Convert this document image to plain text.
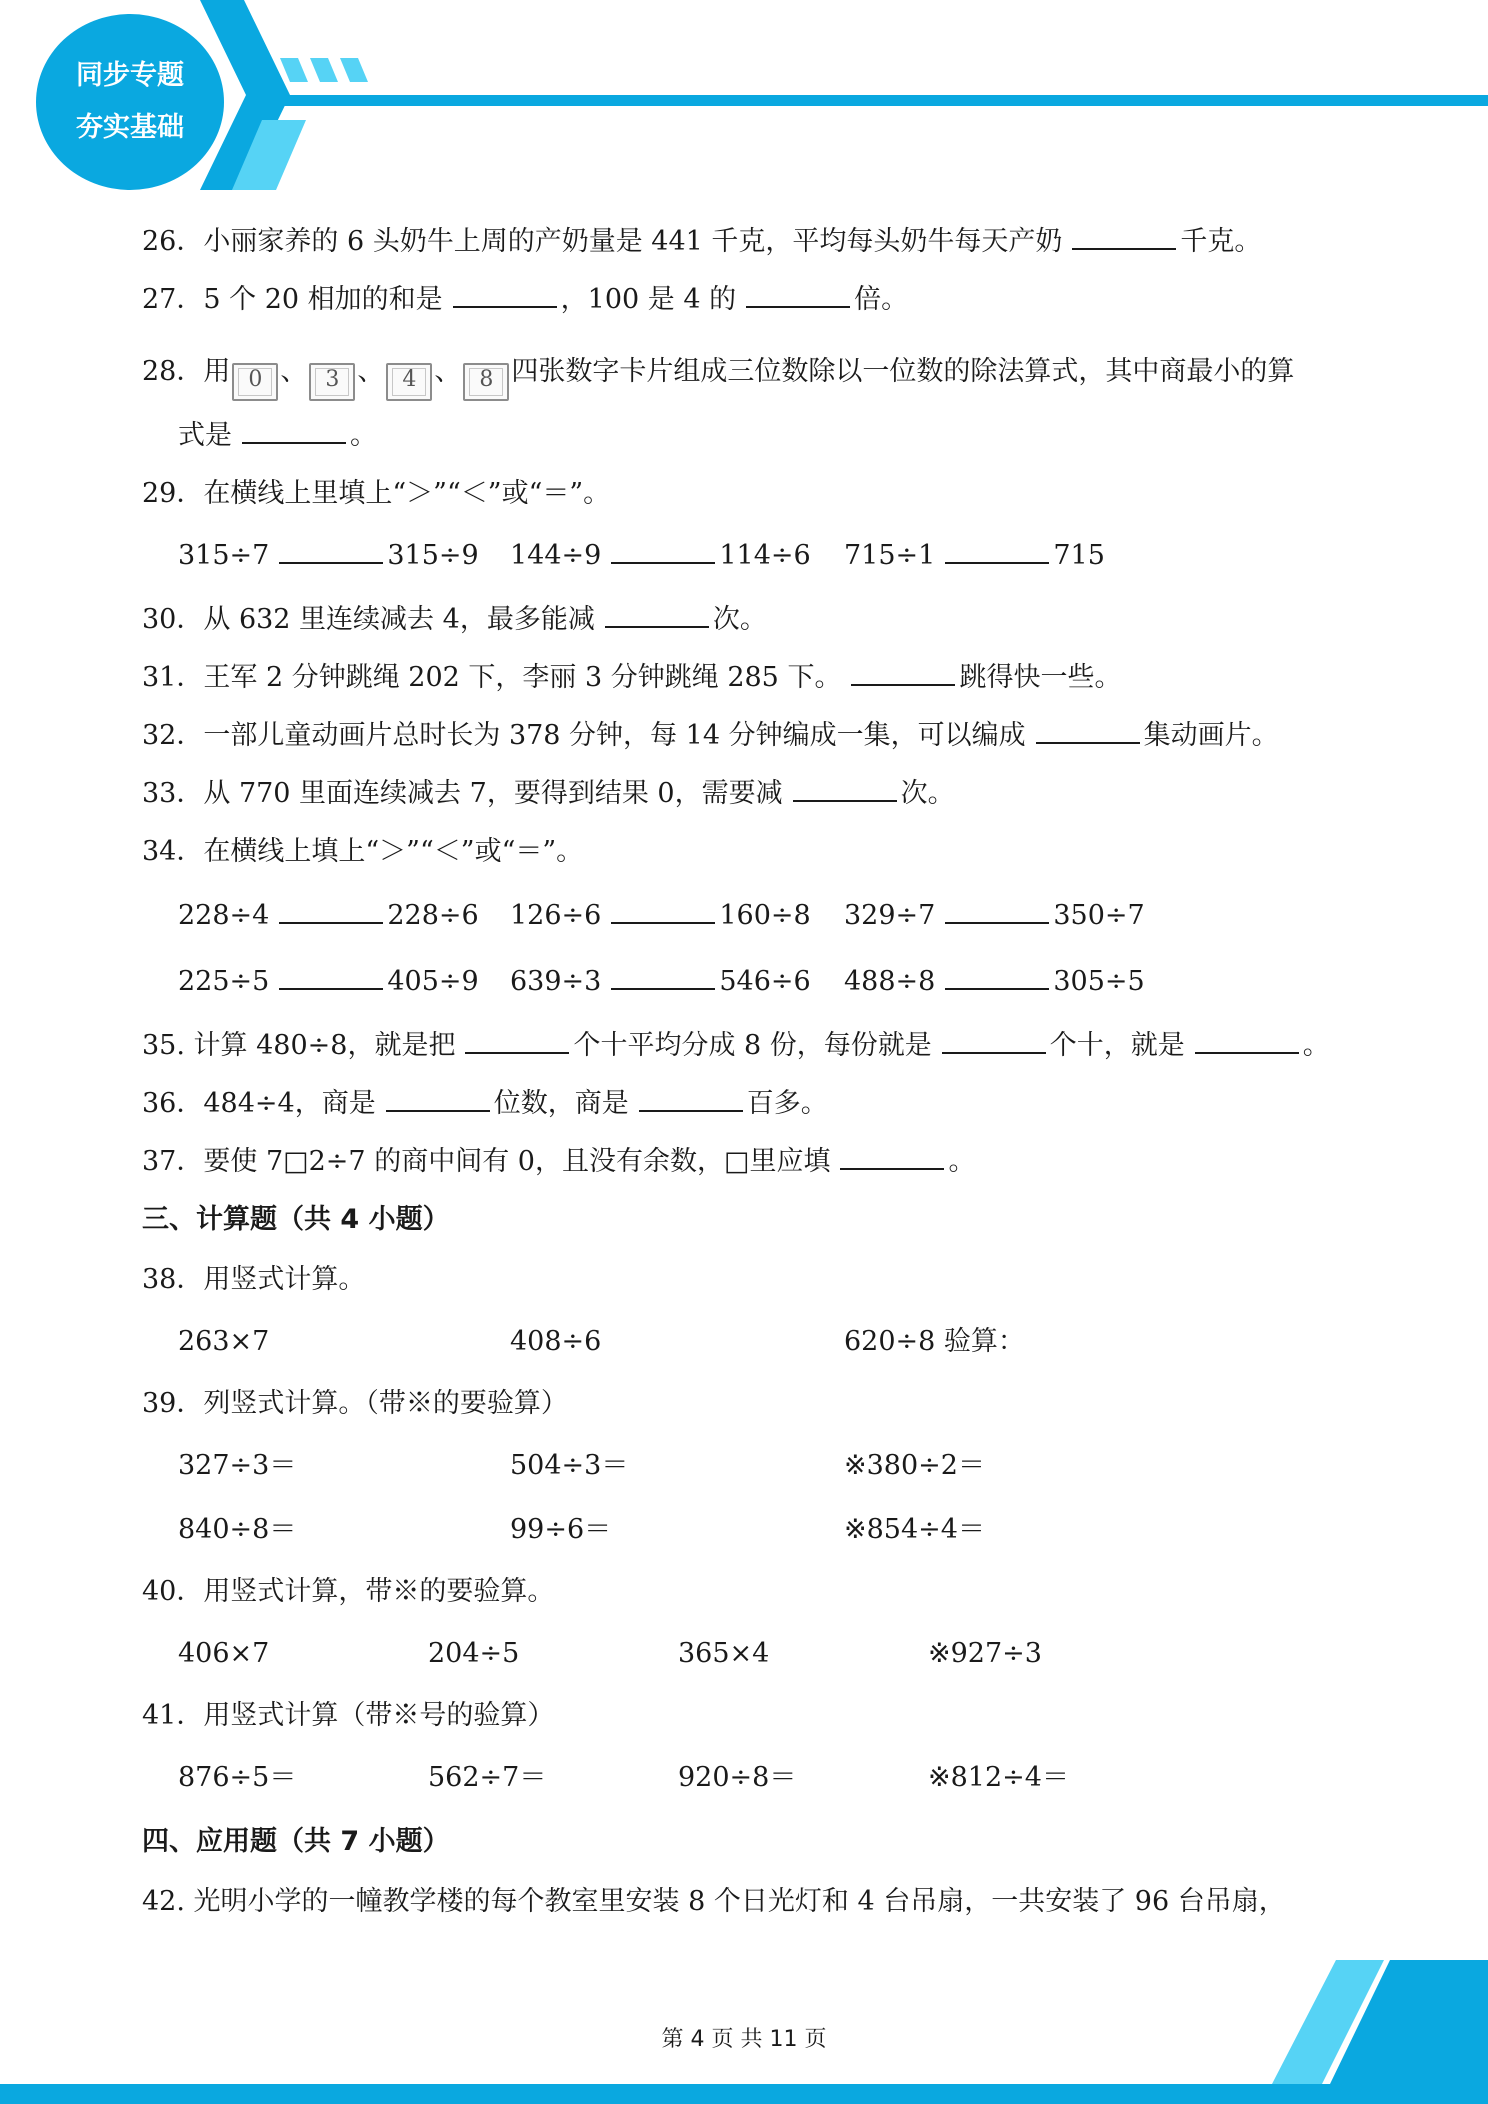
同步专题
夯实基础
26．小丽家养的 6 头奶牛上周的产奶量是 441 千克，平均每头奶牛每天产奶	千克。
27．5 个 20 相加的和是	，100 是 4 的	倍。
28．用 0 、 3 、 4 、 8 四张数字卡片组成三位数除以一位数的除法算式，其中商最小的算
式是	。
29．在横线上里填上“＞”“＜”或“＝”。
315÷7	315÷9 144÷9	114÷6 715÷1	715
30．从 632 里连续减去 4，最多能减	次。
31．王军 2 分钟跳绳 202 下，李丽 3 分钟跳绳 285 下。	跳得快一些。
32．一部儿童动画片总时长为 378 分钟，每 14 分钟编成一集，可以编成	集动画片。
33．从 770 里面连续减去 7，要得到结果 0，需要减	次。
34．在横线上填上“＞”“＜”或“＝”。
228÷4	228÷6 126÷6	160÷8 329÷7	350÷7
225÷5	405÷9 639÷3	546÷6 488÷8	305÷5
35. 计算 480÷8，就是把	个十平均分成 8 份，每份就是	个十，就是	。
36．484÷4，商是	位数，商是	百多。
37．要使 7□2÷7 的商中间有 0，且没有余数，□里应填	。
三、计算题（共 4 小题）
38．用竖式计算。
263×7	408÷6	620÷8 验算：
39．列竖式计算。（带※的要验算）
327÷3＝	504÷3＝	※380÷2＝
840÷8＝	99÷6＝	※854÷4＝
40．用竖式计算，带※的要验算。
406×7	204÷5	365×4	※927÷3
41．用竖式计算（带※号的验算）
876÷5＝	562÷7＝	920÷8＝	※812÷4＝
四、应用题（共 7 小题）
42. 光明小学的一幢教学楼的每个教室里安装 8 个日光灯和 4 台吊扇，一共安装了 96 台吊扇，
第 4 页 共 11 页
